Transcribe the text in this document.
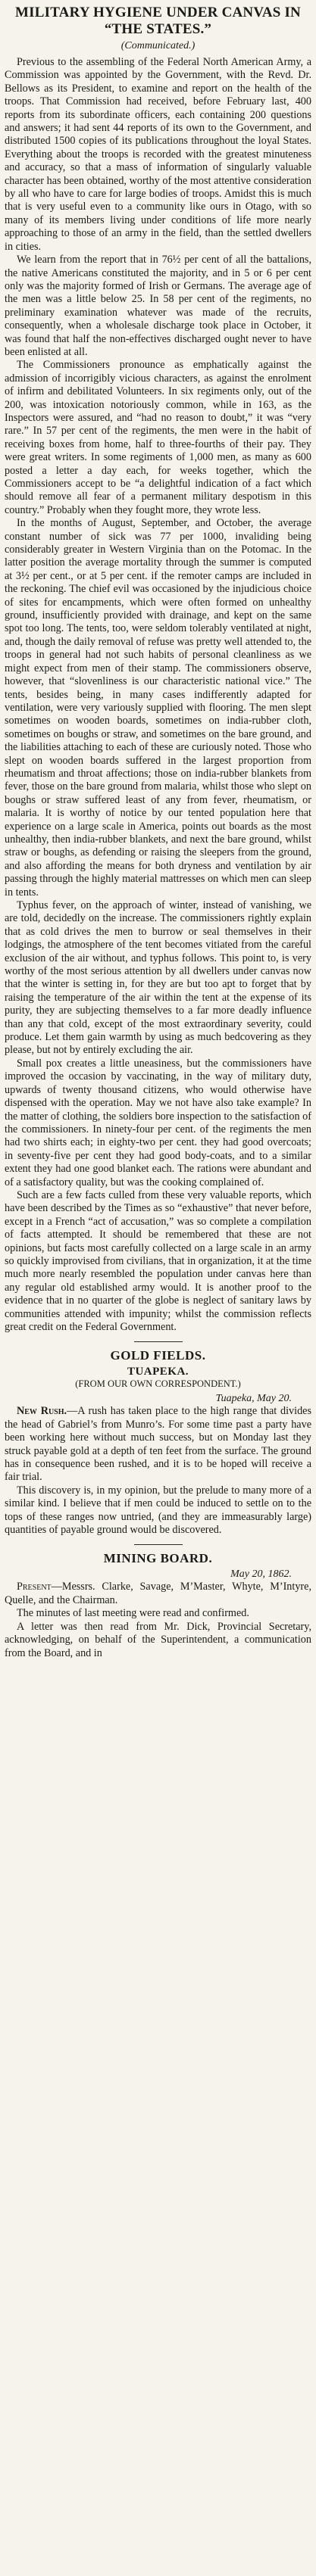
MILITARY HYGIENE UNDER CANVAS IN “THE STATES.”
(Communicated.)

Previous to the assembling of the Federal North American Army, a Commission was appointed by the Government, with the Revd. Dr. Bellows as its President, to examine and report on the health of the troops. That Commission had received, before February last, 400 reports from its subordinate officers, each containing 200 questions and answers; it had sent 44 reports of its own to the Government, and distributed 1500 copies of its publications throughout the loyal States. Everything about the troops is recorded with the greatest minuteness and accuracy, so that a mass of information of singularly valuable character has been obtained, worthy of the most attentive consideration by all who have to care for large bodies of troops. Amidst this is much that is very useful even to a community like ours in Otago, with so many of its members living under conditions of life more nearly approaching to those of an army in the field, than the settled dwellers in cities.

We learn from the report that in 76½ per cent of all the battalions, the native Americans constituted the majority, and in 5 or 6 per cent only was the majority formed of Irish or Germans. The average age of the men was a little below 25. In 58 per cent of the regiments, no preliminary examination whatever was made of the recruits, consequently, when a wholesale discharge took place in October, it was found that half the non-effectives discharged ought never to have been enlisted at all.

The Commissioners pronounce as emphatically against the admission of incorrigibly vicious characters, as against the enrolment of infirm and debilitated Volunteers. In six regiments only, out of the 200, was intoxication notoriously common, while in 163, as the Inspectors were assured, and “had no reason to doubt,” it was “very rare.” In 57 per cent of the regiments, the men were in the habit of receiving boxes from home, half to three-fourths of their pay. They were great writers. In some regiments of 1,000 men, as many as 600 posted a letter a day each, for weeks together, which the Commissioners accept to be “a delightful indication of a fact which should remove all fear of a permanent military despotism in this country.” Probably when they fought more, they wrote less.

In the months of August, September, and October, the average constant number of sick was 77 per 1000, invaliding being considerably greater in Western Virginia than on the Potomac. In the latter position the average mortality through the summer is computed at 3½ per cent., or at 5 per cent. if the remoter camps are included in the reckoning. The chief evil was occasioned by the injudicious choice of sites for encampments, which were often formed on unhealthy ground, insufficiently provided with drainage, and kept on the same spot too long. The tents, too, were seldom tolerably ventilated at night, and, though the daily removal of refuse was pretty well attended to, the troops in general had not such habits of personal cleanliness as we might expect from men of their stamp. The commissioners observe, however, that “slovenliness is our characteristic national vice.” The tents, besides being, in many cases indifferently adapted for ventilation, were very variously supplied with flooring. The men slept sometimes on wooden boards, sometimes on india-rubber cloth, sometimes on boughs or straw, and sometimes on the bare ground, and the liabilities attaching to each of these are curiously noted. Those who slept on wooden boards suffered in the largest proportion from rheumatism and throat affections; those on india-rubber blankets from fever, those on the bare ground from malaria, whilst those who slept on boughs or straw suffered least of any from fever, rheumatism, or malaria. It is worthy of notice by our tented population here that experience on a large scale in America, points out boards as the most unhealthy, then india-rubber blankets, and next the bare ground, whilst straw or boughs, as defending or raising the sleepers from the ground, and also affording the means for both dryness and ventilation by air passing through the highly material mattresses on which men can sleep in tents.

Typhus fever, on the approach of winter, instead of vanishing, we are told, decidedly on the increase. The commissioners rightly explain that as cold drives the men to burrow or seal themselves in their lodgings, the atmosphere of the tent becomes vitiated from the careful exclusion of the air without, and typhus follows. This point to, is very worthy of the most serious attention by all dwellers under canvas now that the winter is setting in, for they are but too apt to forget that by raising the temperature of the air within the tent at the expense of its purity, they are subjecting themselves to a far more deadly influence than any that cold, except of the most extraordinary severity, could produce. Let them gain warmth by using as much bedcovering as they please, but not by entirely excluding the air.

Small pox creates a little uneasiness, but the commissioners have improved the occasion by vaccinating, in the way of military duty, upwards of twenty thousand citizens, who would otherwise have dispensed with the operation. May we not have also take example? In the matter of clothing, the soldiers bore inspection to the satisfaction of the commissioners. In ninety-four per cent. of the regiments the men had two shirts each; in eighty-two per cent. they had good overcoats; in seventy-five per cent they had good body-coats, and to a similar extent they had one good blanket each. The rations were abundant and of a satisfactory quality, but was the cooking complained of.

Such are a few facts culled from these very valuable reports, which have been described by the Times as so “exhaustive” that never before, except in a French “act of accusation,” was so complete a compilation of facts attempted. It should be remembered that these are not opinions, but facts most carefully collected on a large scale in an army so quickly improvised from civilians, that in organization, it at the time much more nearly resembled the population under canvas here than any regular old established army would. It is another proof to the evidence that in no quarter of the globe is neglect of sanitary laws by communities attended with impunity; whilst the commission reflects great credit on the Federal Government.

GOLD FIELDS.
TUAPEKA.
(FROM OUR OWN CORRESPONDENT.)
Tuapeka, May 20.

New Rush.—A rush has taken place to the high range that divides the head of Gabriel’s from Munro’s. For some time past a party have been working here without much success, but on Monday last they struck payable gold at a depth of ten feet from the surface. The ground has in consequence been rushed, and it is to be hoped will receive a fair trial.

This discovery is, in my opinion, but the prelude to many more of a similar kind. I believe that if men could be induced to settle on to the tops of these ranges now untried, (and they are immeasurably large) quantities of payable ground would be discovered.

MINING BOARD.
May 20, 1862.

Present—Messrs. Clarke, Savage, M’Master, Whyte, M’Intyre, Quelle, and the Chairman.

The minutes of last meeting were read and confirmed.

A letter was then read from Mr. Dick, Provincial Secretary, acknowledging, on behalf of the Superintendent, a communication from the Board, and in
